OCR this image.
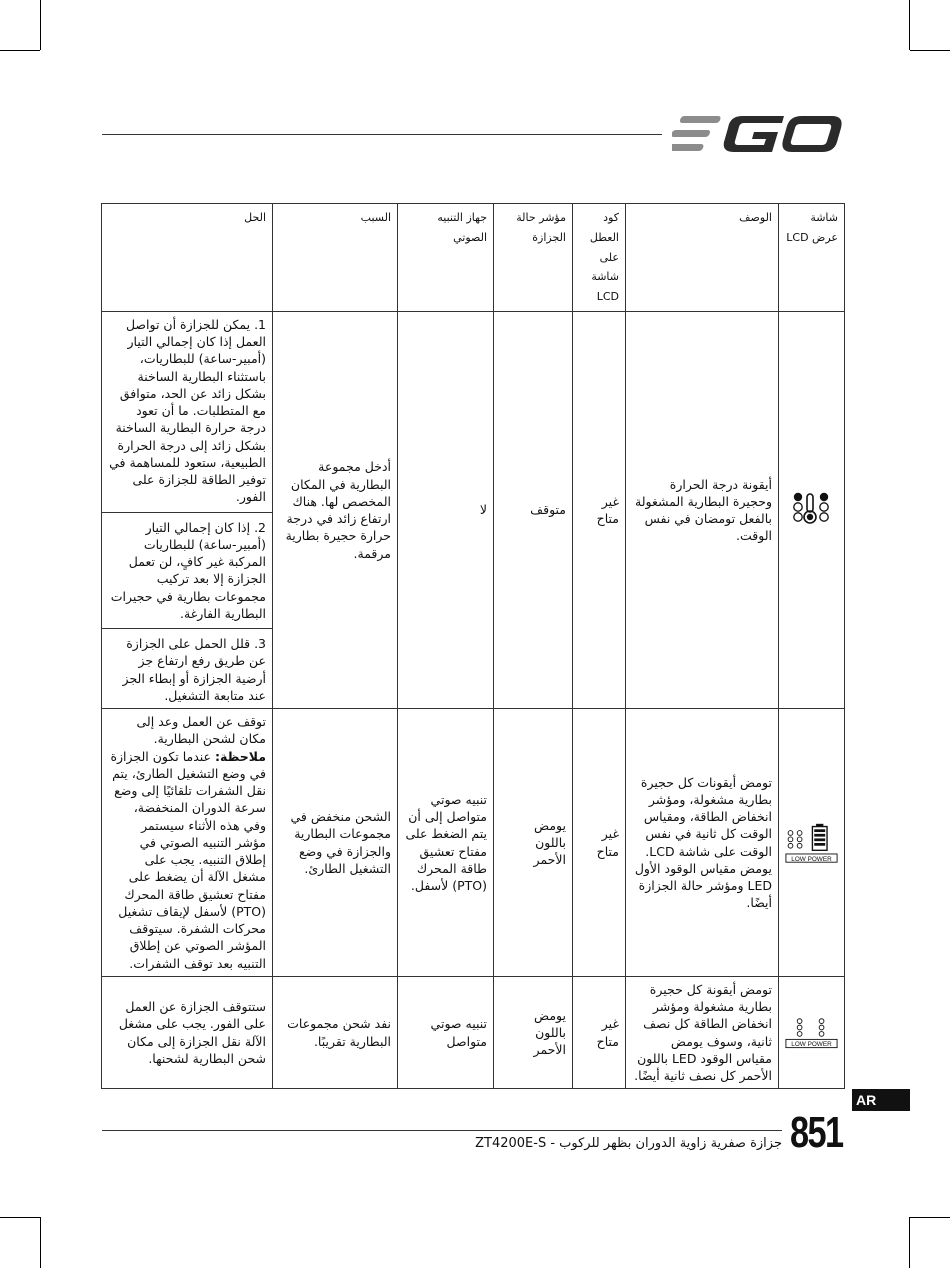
شاشة عرض LCD	الوصف	كود العطل على شاشة LCD	مؤشر حالة الجزازة	جهاز التنبيه الصوتي	السبب	الحل

	أيقونة درجة الحرارة وحجيرة البطارية المشغولة بالفعل تومضان في نفس الوقت.	غير متاح	متوقف	لا	أدخل مجموعة البطارية في المكان المخصص لها. هناك ارتفاع زائد في درجة حرارة حجيرة بطارية مرقمة.	1. يمكن للجزازة أن تواصل العمل إذا كان إجمالي التيار (أمبير-ساعة) للبطاريات، باستثناء البطارية الساخنة بشكل زائد عن الحد، متوافق مع المتطلبات. ما أن تعود درجة حرارة البطارية الساخنة بشكل زائد إلى درجة الحرارة الطبيعية، ستعود للمساهمة في توفير الطاقة للجزازة على الفور.
2. إذا كان إجمالي التيار (أمبير-ساعة) للبطاريات المركبة غير كافٍ، لن تعمل الجزازة إلا بعد تركيب مجموعات بطارية في حجيرات البطارية الفارغة.
3. قلل الحمل على الجزازة عن طريق رفع ارتفاع جز أرضية الجزازة أو إبطاء الجز عند متابعة التشغيل.

LOW POWER	تومض أيقونات كل حجيرة بطارية مشغولة، ومؤشر انخفاض الطاقة، ومقياس الوقت كل ثانية في نفس الوقت على شاشة LCD. يومض مقياس الوقود الأول LED ومؤشر حالة الجزازة أيضًا.	غير متاح	يومض باللون الأحمر	تنبيه صوتي متواصل إلى أن يتم الضغط على مفتاح تعشيق طاقة المحرك (PTO) لأسفل.	الشحن منخفض في مجموعات البطارية والجزازة في وضع التشغيل الطارئ.	توقف عن العمل وعد إلى مكان لشحن البطارية.
ملاحظة: عندما تكون الجزازة في وضع التشغيل الطارئ، يتم نقل الشفرات تلقائيًا إلى وضع سرعة الدوران المنخفضة، وفي هذه الأثناء سيستمر مؤشر التنبيه الصوتي في إطلاق التنبيه. يجب على مشغل الآلة أن يضغط على مفتاح تعشيق طاقة المحرك (PTO) لأسفل لإيقاف تشغيل محركات الشفرة. سيتوقف المؤشر الصوتي عن إطلاق التنبيه بعد توقف الشفرات.

LOW POWER	تومض أيقونة كل حجيرة بطارية مشغولة ومؤشر انخفاض الطاقة كل نصف ثانية، وسوف يومض مقياس الوقود LED باللون الأحمر كل نصف ثانية أيضًا.	غير متاح	يومض باللون الأحمر	تنبيه صوتي متواصل	نفد شحن مجموعات البطارية تقريبًا.	ستتوقف الجزازة عن العمل على الفور. يجب على مشغل الآلة نقل الجزازة إلى مكان شحن البطارية لشحنها.
AR
851
جزازة صفرية زاوية الدوران بظهر للركوب - ZT4200E-S
